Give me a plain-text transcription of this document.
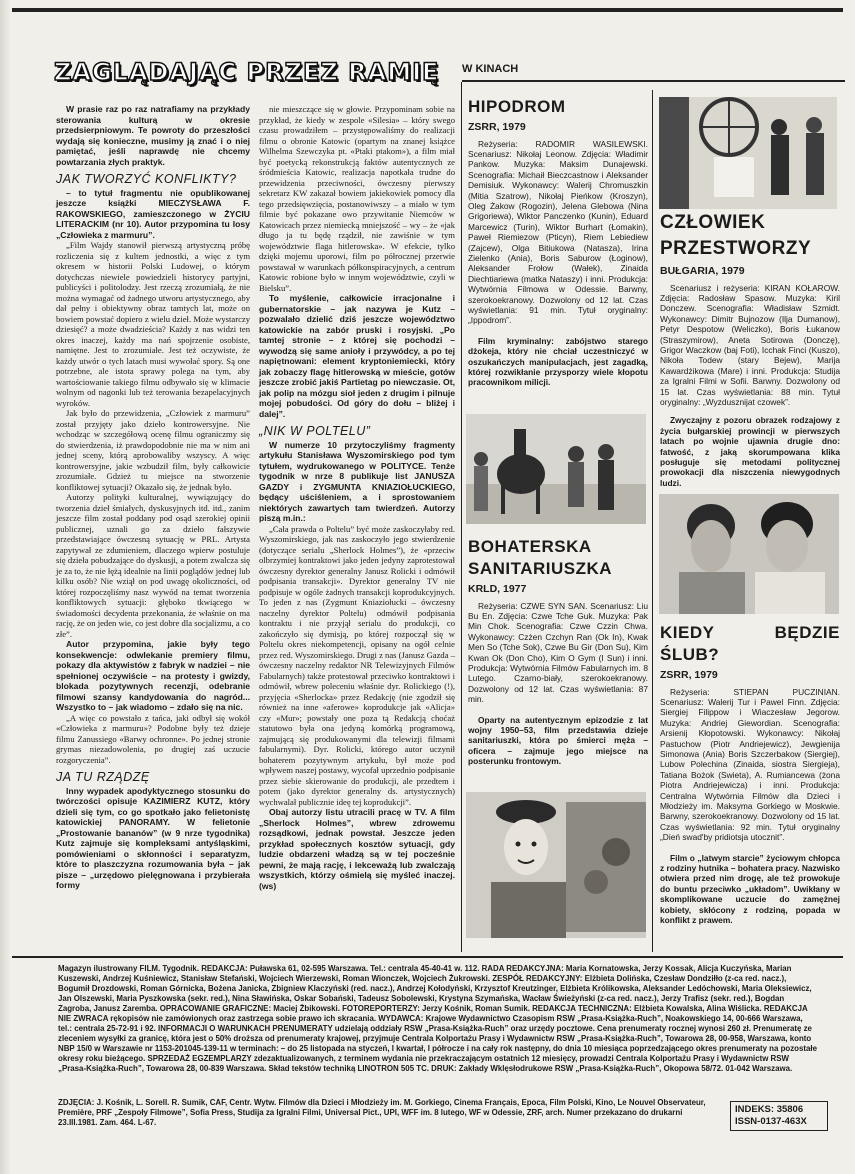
ZAGLĄDAJĄC PRZEZ RAMIĘ W KINACH

W prasie raz po raz natrafiamy na przykłady sterowania kulturą w okresie przedsierpniowym. Te powroty do przeszłości wydają się konieczne, musimy ją znać i o niej pamiętać, jeśli naprawdę nie chcemy powtarzania złych praktyk.

JAK TWORZYĆ KONFLIKTY?

– to tytuł fragmentu nie opublikowanej jeszcze książki MIECZYSŁAWA F. RAKOWSKIEGO, zamieszczonego w ŻYCIU LITERACKIM (nr 10). Autor przypomina tu losy „Człowieka z marmuru”.

„Film Wajdy stanowił pierwszą artystyczną próbę rozliczenia się z kultem jednostki, a więc z tym okresem w historii Polski Ludowej, o którym dotychczas niewiele powiedzieli historycy partyjni, publicyści i politolodzy. Jest rzeczą zrozumiałą, że nie można wymagać od żadnego utworu artystycznego, aby dał pełny i obiektywny obraz tamtych lat, może on bowiem powstać dopiero z wielu dzieł. Może wystarczy dziesięć? a może dwadzieścia? Każdy z nas widzi ten okres inaczej, każdy ma nań spojrzenie osobiste, namiętne. Jest to zrozumiałe. Jest też oczywiste, że każdy utwór o tych latach musi wywołać spory. Są one potrzebne, ale istota sprawy polega na tym, aby wartościowanie takiego filmu odbywało się w klimacie wolnym od nagonki lub też terowania bezapelacyjnych wyroków.

Jak było do przewidzenia, „Człowiek z marmuru” został przyjęty jako dzieło kontrowersyjne. Nie wchodząc w szczegółową ocenę filmu ograniczmy się do stwierdzenia, iż prawdopodobnie nie ma w nim ani jednej sceny, którą aprobowaliby wszyscy. A więc kontrowersyjne, jakie wzbudził film, były całkowicie zrozumiałe. Gdzież tu miejsce na stworzenie konfliktowej sytuacji? Okazało się, że jednak było.

Autorzy polityki kulturalnej, wywiązujący do tworzenia dzieł śmiałych, dyskusyjnych itd. itd., zanim jeszcze film został poddany pod osąd szerokiej opinii publicznej, uznali go za dzieło fałszywie przedstawiające ówczesną sytuację w PRL. Artysta zapytywał ze zdumieniem, dlaczego wpierw postuluje się dzieła pobudzające do dyskusji, a potem zwalcza się je za to, że nie łężą idealnie na linii poglądów jednej lub kilku osób? Nie wziął on pod uwagę okoliczności, od której rozpoczęliśmy nasz wywód na temat tworzenia konfliktowych sytuacji: głęboko tkwiącego w świadomości decydenta przekonania, że właśnie on ma rację, że on jeden wie, co jest dobre dla socjalizmu, a co złe”.

Autor przypomina, jakie były tego konsekwencje: odwlekanie premiery filmu, pokazy dla aktywistów z fabryk w nadziei – nie spełnionej oczywiście – na protesty i gwizdy, blokada pozytywnych recenzji, odebranie filmowi szansy kandydowania do nagród... Wszystko to – jak wiadomo – zdało się na nic.

„A więc co powstało z tańca, jaki odbył się wokół «Człowieka z marmuru»? Podobne były też dzieje filmu Zanussiego «Barwy ochronne». Po jednej stronie grymas niezadowolenia, po drugiej zaś uczucie rozgoryczenia”.

JA TU RZĄDZĘ

Inny wypadek apodyktycznego stosunku do twórczości opisuje KAZIMIERZ KUTZ, który dzieli się tym, co go spotkało jako felietonistę katowickiej PANORAMY. W felietonie „Prostowanie bananów” (w 9 nrze tygodnika) Kutz zajmuje się kompleksami antyśląskimi, pomówieniami o skłonności i separatyzm, które to plaszczyzna rozumowania była – jak pisze – „urzędowo pielęgnowana i przybierała formy

nie mieszczące się w głowie. Przypominam sobie na przykład, że kiedy w zespole «Silesia» – który swego czasu prowadziłem – przystępowaliśmy do realizacji filmu o obronie Katowic (opartym na znanej książce Wilhelma Szewczyka pt. «Ptaki ptakom»), a film miał być poetycką rekonstrukcją faktów autentycznych ze śródmieścia Katowic, realizacja napotkała trudne do przewidzenia przeciwności, ówczesny pierwszy sekretarz KW zakazał bowiem jakiekowiek pomocy dla tego przedsięwzięcia, postanowiwszy – a miało w tym filmie być pokazane owo przywitanie Niemców w Katowicach przez niemiecką mniejszość – wy – że «jak długo ja tu będę rządził, nie zawiśnie w tym województwie flaga hitlerowska». W efekcie, tylko dzięki mojemu uporowi, film po półrocznej przerwie powstawał w warunkach półkonspiracyjnych, a centrum Katowic robione było w innym województwie, czyli w Bielsku”.

To myślenie, całkowicie irracjonalne i gubernatorskie – jak nazywa je Kutz – pozwalało dzielić dziś jeszcze województwo katowickie na zabór pruski i rosyjski. „Po tamtej stronie – z której się pochodzi – wywodzą się same anioły i przywódcy, a po tej napiętnowani: element kryptoniemiecki, który jak zobaczy flagę hitlerowską w mieście, gotów jeszcze zrobić jakiś Partietag po niewczasie. Ot, jak polip na mózgu sioł jeden z drugim i pilnuje mojej pobudości. Od góry do dołu – bliżej i dalej”.

„NIK W POLTELU”

W numerze 10 przytoczyliśmy fragmenty artykułu Stanisława Wyszomirskiego pod tym tytułem, wydrukowanego w POLITYCE. Tenże tygodnik w nrze 8 publikuje list JANUSZA GAZDY i ZYGMUNTA KNIAZIOŁUCKIEGO, będący uściśleniem, a i sprostowaniem niektórych zawartych tam twierdzeń. Autorzy piszą m.in.:

„Cała prawda o Poltelu” być może zaskoczyłaby red. Wyszomirskiego, jak nas zaskoczyło jego stwierdzenie (dotyczące serialu „Sherlock Holmes”), że «przeciw olbrzymiej kontraktowi jako jeden jedyny zaprotestował ówczesny dyrektor generalny Janusz Rolicki i odmówił podpisania transakcji». Dyrektor generalny TV nie podpisuje w ogóle żadnych transakcji koprodukcyjnych. To jeden z nas (Zygmunt Kniaziołucki – ówczesny naczelny dyrektor Poltelu) odmówił podpisania kontraktu i nie przyjął serialu do produkcji, co zakończyło się dymisją, po której rozpoczął się w Poltelu okres niekompetencji, opisany na ogół celnie przez red. Wyszomirskiego. Drugi z nas (Janusz Gazda – ówczesny naczelny redaktor NR Telewizyjnych Filmów Fabularnych) także protestował przeciwko kontraktowi i odmówił, wbrew poleceniu właśnie dyr. Rolickiego (!), przyjęcia «Sherlocka» przez Redakcję (nie zgodził się również na inne «aferowe» koprodukcje jak «Alicja» czy «Mur»; powstały one poza tą Redakcją choćaż statutowo była ona jedyną komórką programową, zajmującą się produkowanymi dla telewizji filmami fabularnymi). Dyr. Rolicki, którego autor uczynił bohaterem pozytywnym artykułu, był może pod wpływem naszej postawy, wycofał uprzednio podpisanie przez siebie skierowanie do produkcji, ale przedtem i potem (jako dyrektor generalny ds. artystycznych) wychwalał publicznie ideę tej koprodukcji”.

Obaj autorzy listu utracili pracę w TV. A film „Sherlock Holmes”, wbrew zdrowemu rozsądkowi, jednak powstał. Jeszcze jeden przykład społecznych kosztów sytuacji, gdy ludzie obdarzeni władzą są w tej pocześnie pewni, że mają rację, i lekceważą lub zwalczają wszystkich, którzy ośmielą się myśleć inaczej. (ws)

HIPODROM
ZSRR, 1979

Reżyseria: RADOMIR WASILEWSKI. Scenariusz: Nikołaj Leonow. Zdjęcia: Władimir Pankow. Muzyka: Maksim Dunajewski. Scenografia: Michaił Bieczcastnow i Aleksander Demisiuk. Wykonawcy: Walerij Chromuszkin (Mitia Szatrow), Nikołaj Pieńkow (Kroszyn), Oleg Żakow (Rogozin), Jelena Glebowa (Nina Grigoriewa), Wiktor Panczenko (Kunin), Eduard Marcewicz (Turin), Wiktor Burhart (Łomakin), Paweł Riemiezow (Pticyn), Riem Lebiediew (Zajcew), Olga Bitiukowa (Natasza), Irina Zielenko (Ania), Boris Saburow (Łoginow), Aleksander Frołow (Wałek), Zinaida Diechtiariewa (matka Nataszy) i inni. Produkcja: Wytwórnia Filmowa w Odessie. Barwny, szerokoekranowy. Dozwolony od 12 lat. Czas wyświetlania: 91 min. Tytuł oryginalny: „Ippodrom”.

Film kryminalny: zabójstwo starego dżokeja, który nie chciał uczestniczyć w oszukańczych manipulacjach, jest zagadką, której rozwikłanie przysporzy wiele kłopotu pracownikom milicji.

BOHATERSKA SANITARIUSZKA
KRLD, 1977

Reżyseria: CZWE SYN SAN. Scenariusz: Liu Bu En. Zdjęcia: Czwe Tche Guk. Muzyka: Pak Min Chok. Scenografia: Czwe Czzin Chwa. Wykonawcy: Czżen Czchyn Ran (Ok In), Kwak Men So (Tche Sok), Czwe Bu Gir (Don Su), Kim Kwan Ok (Don Cho), Kim O Gym (I Sun) i inni. Produkcja: Wytwórnia Filmów Fabularnych im. 8 Lutego. Czarno-biały, szerokoekranowy. Dozwolony od 12 lat. Czas wyświetlania: 87 min.

Oparty na autentycznym epizodzie z lat wojny 1950–53, film przedstawia dzieje sanitariuszki, która po śmierci męża – oficera – zajmuje jego miejsce na posterunku frontowym.

CZŁOWIEK PRZESTWORZY
BUŁGARIA, 1979

Scenariusz i reżyseria: KIRAN KOŁAROW. Zdjęcia: Radosław Spasow. Muzyka: Kiril Donczew. Scenografia: Władisław Szmidt. Wykonawcy: Dimitr Bujnozow (Ilja Dumanow), Petyr Despotow (Weliczko), Boris Łukanow (Straszymirow), Aneta Sotirowa (Donczę), Grigor Waczkow (baj Foti), Icchak Finci (Kuszo), Nikoła Todew (stary Bejew), Marija Kawardżikowa (Mare) i inni. Produkcja: Studija za Igralni Filmi w Sofii. Barwny. Dozwolony od 15 lat. Czas wyświetlania: 88 min. Tytuł oryginalny: „Wyzdusznijat czowek”.

Zwyczajny z pozoru obrazek rodzajowy z życia bułgarskiej prowincji w pierwszych latach po wojnie ujawnia drugie dno: fatwość, z jaką skorumpowana klika posługuje się metodami politycznej prowokacji dla niszczenia niewygodnych ludzi.

KIEDY BĘDZIE ŚLUB?
ZSRR, 1979

Reżyseria: STIEPAN PUCZINIAN. Scenariusz: Walerij Tur i Pawel Finn. Zdjęcia: Siergiej Filippow i Wiaczesław Jegorow. Muzyka: Andriej Giewordian. Scenografia: Arsienij Kłopotowski. Wykonawcy: Nikołaj Pastuchow (Piotr Andriejewicz), Jewgienija Simonowa (Ania) Boris Szczerbakow (Siergiej), Lubow Polechina (Zinaida, siostra Siergieja), Tatiana Bożok (Swieta), A. Rumiancewa (żona Piotra Andriejewicza) i inni. Produkcja: Centralna Wytwórnia Filmów dla Dzieci i Młodzieży im. Maksyma Gorkiego w Moskwie. Barwny, szerokoekranowy. Dozwolony od 15 lat. Czas wyświetlania: 92 min. Tytuł oryginalny „Dień swad'by pridiotsja utocznit”.

Film o „latwym starcie” życiowym chłopca z rodziny hutnika – bohatera pracy. Nazwisko otwiera przed nim drogę, ale też prowokuje do buntu przeciwko „układom”. Uwikłany w skomplikowane uczucie do zamężnej kobiety, skłócony z rodziną, popada w konflikt z prawem.

Magazyn ilustrowany FILM. Tygodnik. REDAKCJA: Puławska 61, 02-595 Warszawa. Tel.: centrala 45-40-41 w. 112. RADA REDAKCYJNA: Maria Kornatowska, Jerzy Kossak, Alicja Kuczyńska, Marian Kuszewski, Andrzej Kuśniewicz, Stanisław Stefański, Wojciech Wierzewski, Roman Wionczek, Wojciech Żukrowski. ZESPÓŁ REDAKCYJNY: Elżbieta Dolińska, Czesław Dondziłło (z-ca red. nacz.), Bogumił Drozdowski, Roman Górnicka, Bożena Janicka, Zbigniew Klaczyński (red. nacz.), Andrzej Kołodyński, Krzysztof Kreutzinger, Elżbieta Królikowska, Aleksander Ledóchowski, Maria Oleksiewicz, Jan Olszewski, Maria Pyszkowska (sekr. red.), Nina Sławińska, Oskar Sobański, Tadeusz Sobolewski, Krystyna Szymańska, Wacław Świeżyński (z-ca red. nacz.), Jerzy Trafisz (sekr. red.), Bogdan Zagroba, Janusz Zaremba. OPRACOWANIE GRAFICZNE: Maciej Żbikowski. FOTOREPORTERZY: Jerzy Kośnik, Roman Sumik. REDAKCJA TECHNICZNA: Elżbieta Kowalska, Alina Wiślicka. REDAKCJA NIE ZWRACA rękopisów nie zamówionych oraz zastrzega sobie prawo ich skracania. WYDAWCA: Krajowe Wydawnictwo Czasopism RSW „Prasa-Książka-Ruch”, Noakowskiego 14, 00-666 Warszawa, tel.: centrala 25-72-91 i 92. INFORMACJI O WARUNKACH PRENUMERATY udzielają oddziały RSW „Prasa-Książka-Ruch” oraz urzędy pocztowe. Cena prenumeraty rocznej wynosi 260 zł. Prenumeratę ze zleceniem wysyłki za granicę, która jest o 50% droższa od prenumeraty krajowej, przyjmuje Centrala Kolportażu Prasy i Wydawnictw RSW „Prasa-Książka-Ruch”, Towarowa 28, 00-958, Warszawa, konto NBP 15/0 w Warszawie nr 1153-201045-139-11 w terminach: – do 25 listopada na styczeń, I kwartał, I półrocze i na cały rok następny, do dnia 10 miesiąca poprzedzającego okres prenumeraty na pozostałe okresy roku bieżącego. SPRZEDAŻ EGZEMPLARZY zdezaktualizowanych, z terminem wydania nie przekraczającym ostatnich 12 miesięcy, prowadzi Centrala Kolportażu Prasy i Wydawnictw RSW „Prasa-Książka-Ruch”, Towarowa 28, 00-839 Warszawa. Skład tekstów techniką LINOTRON 505 TC. DRUK: Zakłady Wklęsłodrukowe RSW „Prasa-Książka-Ruch”, Okopowa 58/72. 01-042 Warszawa.
ZDJĘCIA: J. Kośnik, L. Sorell. R. Sumik, CAF, Centr. Wytw. Filmów dla Dzieci i Młodzieży im. M. Gorkiego, Cinema Français, Epoca, Film Polski, Kino, Le Nouvel Observateur, Première, PRF „Zespoły Filmowe”, Sofia Press, Studija za Igralni Filmi, Universal Pict., UPI, WFF im. 8 lutego, WF w Odessie, ZRF, arch. Numer przekazano do drukarni 23.III.1981. Zam. 464. L-67.
INDEKS: 35806
ISSN-0137-463X
